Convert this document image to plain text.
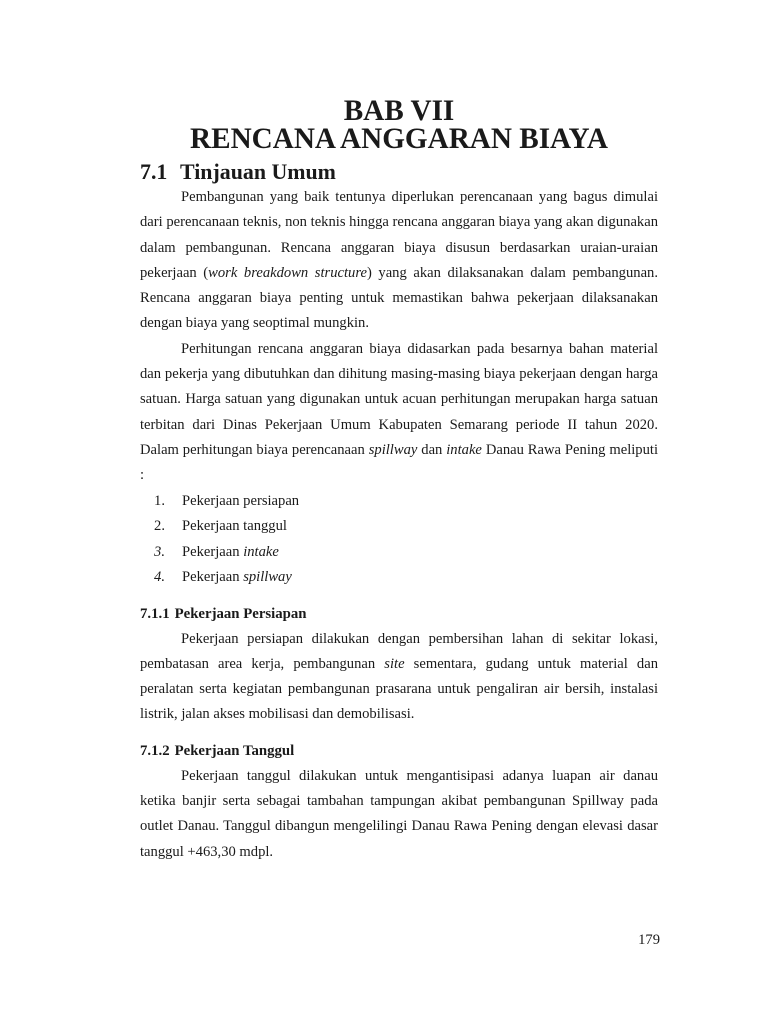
BAB VII
RENCANA ANGGARAN BIAYA
7.1 Tinjauan Umum

Pembangunan yang baik tentunya diperlukan perencanaan yang bagus dimulai dari perencanaan teknis, non teknis hingga rencana anggaran biaya yang akan digunakan dalam pembangunan. Rencana anggaran biaya disusun berdasarkan uraian-uraian pekerjaan (work breakdown structure) yang akan dilaksanakan dalam pembangunan. Rencana anggaran biaya penting untuk memastikan bahwa pekerjaan dilaksanakan dengan biaya yang seoptimal mungkin.

Perhitungan rencana anggaran biaya didasarkan pada besarnya bahan material dan pekerja yang dibutuhkan dan dihitung masing-masing biaya pekerjaan dengan harga satuan. Harga satuan yang digunakan untuk acuan perhitungan merupakan harga satuan terbitan dari Dinas Pekerjaan Umum Kabupaten Semarang periode II tahun 2020. Dalam perhitungan biaya perencanaan spillway dan intake Danau Rawa Pening meliputi :

1.	Pekerjaan persiapan
2.	Pekerjaan tanggul
3.	Pekerjaan intake
4.	Pekerjaan spillway
7.1.1 Pekerjaan Persiapan

Pekerjaan persiapan dilakukan dengan pembersihan lahan di sekitar lokasi, pembatasan area kerja, pembangunan site sementara, gudang untuk material dan peralatan serta kegiatan pembangunan prasarana untuk pengaliran air bersih, instalasi listrik, jalan akses mobilisasi dan demobilisasi.

7.1.2 Pekerjaan Tanggul

Pekerjaan tanggul dilakukan untuk mengantisipasi adanya luapan air danau ketika banjir serta sebagai tambahan tampungan akibat pembangunan Spillway pada outlet Danau. Tanggul dibangun mengelilingi Danau Rawa Pening dengan elevasi dasar tanggul +463,30 mdpl.

179
